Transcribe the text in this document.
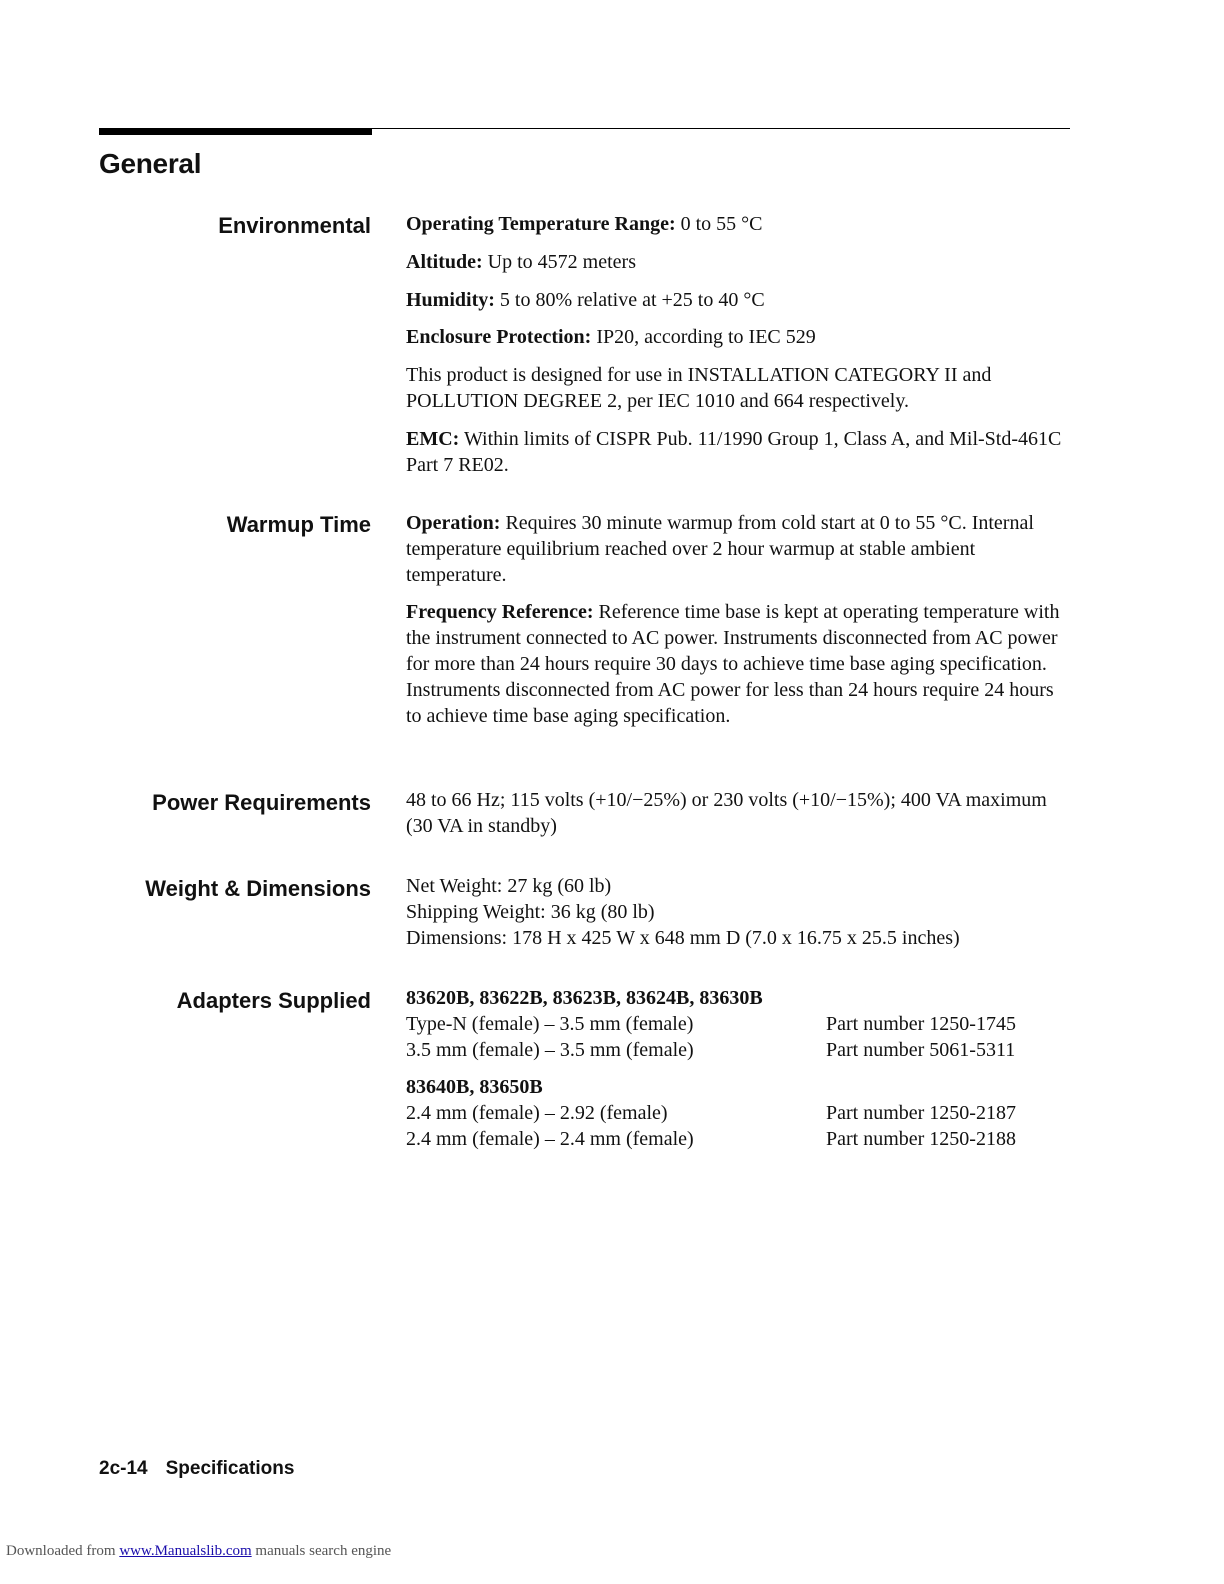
General
Environmental Operating Temperature Range: 0 to 55 °C

Altitude: Up to 4572 meters

Humidity: 5 to 80% relative at +25 to 40 °C

Enclosure Protection: IP20, according to IEC 529

This product is designed for use in INSTALLATION CATEGORY II and POLLUTION DEGREE 2, per IEC 1010 and 664 respectively.

EMC: Within limits of CISPR Pub. 11/1990 Group 1, Class A, and Mil-Std-461C Part 7 RE02.

Warmup Time Operation: Requires 30 minute warmup from cold start at 0 to 55 °C. Internal temperature equilibrium reached over 2 hour warmup at stable ambient temperature.

Frequency Reference: Reference time base is kept at operating temperature with the instrument connected to AC power. Instruments disconnected from AC power for more than 24 hours require 30 days to achieve time base aging specification. Instruments disconnected from AC power for less than 24 hours require 24 hours to achieve time base aging specification.

Power Requirements 48 to 66 Hz; 115 volts (+10/−25%) or 230 volts (+10/−15%); 400 VA maximum (30 VA in standby)

Weight & Dimensions Net Weight: 27 kg (60 lb)
Shipping Weight: 36 kg (80 lb)
Dimensions: 178 H x 425 W x 648 mm D (7.0 x 16.75 x 25.5 inches)
Adapters Supplied 83620B, 83622B, 83623B, 83624B, 83630B
Type-N (female) – 3.5 mm (female)	Part number 1250-1745
3.5 mm (female) – 3.5 mm (female)	Part number 5061-5311
83640B, 83650B
2.4 mm (female) – 2.92 (female)	Part number 1250-2187
2.4 mm (female) – 2.4 mm (female)	Part number 1250-2188
2c-14 Specifications
Downloaded from www.Manualslib.com manuals search engine
